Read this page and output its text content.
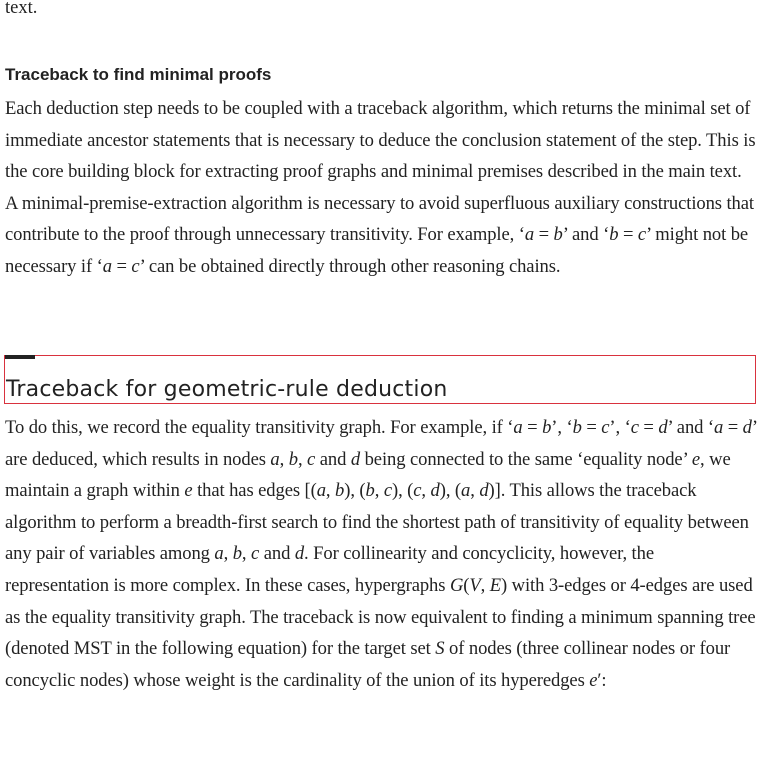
text.

Traceback to find minimal proofs

Each deduction step needs to be coupled with a traceback algorithm, which returns the minimal set of immediate ancestor statements that is necessary to deduce the conclusion statement of the step. This is the core building block for extracting proof graphs and minimal premises described in the main text. A minimal-premise-extraction algorithm is necessary to avoid superfluous auxiliary constructions that contribute to the proof through unnecessary transitivity. For example, ‘a = b’ and ‘b = c’ might not be necessary if ‘a = c’ can be obtained directly through other reasoning chains.

Traceback for geometric-rule deduction

To do this, we record the equality transitivity graph. For example, if ‘a = b’, ‘b = c’, ‘c = d’ and ‘a = d’ are deduced, which results in nodes a, b, c and d being connected to the same ‘equality node’ e, we maintain a graph within e that has edges [(a, b), (b, c), (c, d), (a, d)]. This allows the traceback algorithm to perform a breadth-first search to find the shortest path of transitivity of equality between any pair of variables among a, b, c and d. For collinearity and concyclicity, however, the representation is more complex. In these cases, hypergraphs G(V, E) with 3-edges or 4-edges are used as the equality transitivity graph. The traceback is now equivalent to finding a minimum spanning tree (denoted MST in the following equation) for the target set S of nodes (three collinear nodes or four concyclic nodes) whose weight is the cardinality of the union of its hyperedges e′:
